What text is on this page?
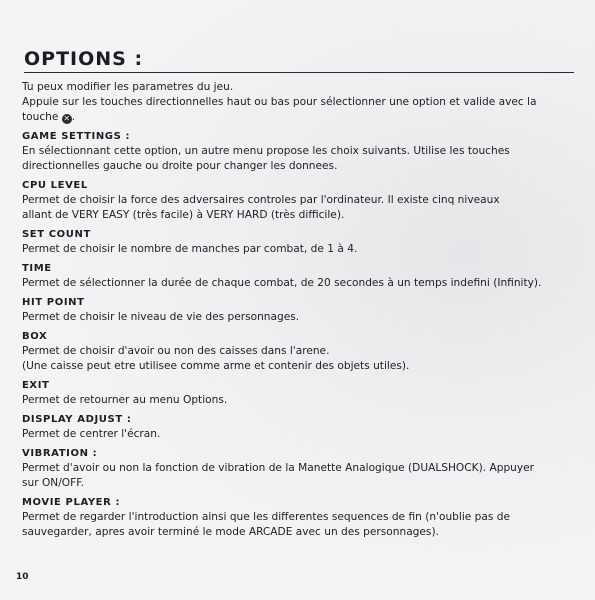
OPTIONS :

Tu peux modifier les parametres du jeu.

Appuie sur les touches directionnelles haut ou bas pour sélectionner une option et valide avec la

touche ✕ .

GAME SETTINGS :

En sélectionnant cette option, un autre menu propose les choix suivants. Utilise les touches

directionnelles gauche ou droite pour changer les donnees.

CPU LEVEL

Permet de choisir la force des adversaires controles par l'ordinateur. Il existe cinq niveaux

allant de VERY EASY (très facile) à VERY HARD (très difficile).

SET COUNT

Permet de choisir le nombre de manches par combat, de 1 à 4.

TIME

Permet de sélectionner la durée de chaque combat, de 20 secondes à un temps indefini (Infinity).

HIT POINT

Permet de choisir le niveau de vie des personnages.

BOX

Permet de choisir d'avoir ou non des caisses dans l'arene.

(Une caisse peut etre utilisee comme arme et contenir des objets utiles).

EXIT

Permet de retourner au menu Options.

DISPLAY ADJUST :

Permet de centrer l'écran.

VIBRATION :

Permet d'avoir ou non la fonction de vibration de la Manette Analogique (DUALSHOCK). Appuyer

sur ON/OFF.

MOVIE PLAYER :

Permet de regarder l'introduction ainsi que les differentes sequences de fin (n'oublie pas de

sauvegarder, apres avoir terminé le mode ARCADE avec un des personnages).

10
